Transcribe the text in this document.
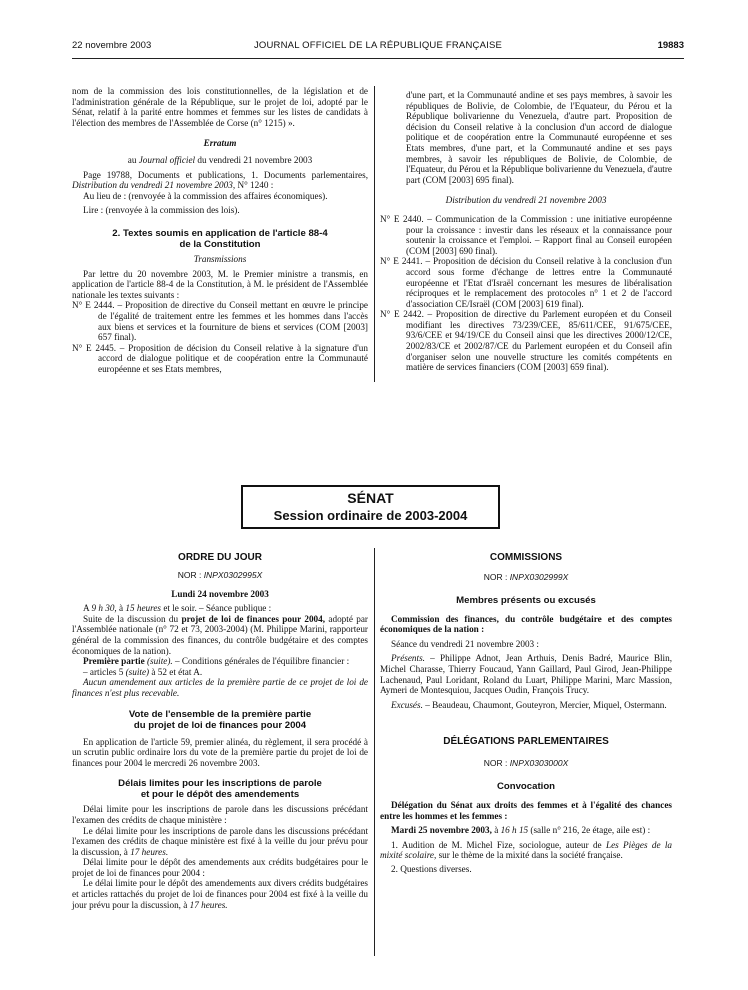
22 novembre 2003	JOURNAL OFFICIEL DE LA RÉPUBLIQUE FRANÇAISE	19883

nom de la commission des lois constitutionnelles, de la législation et de l'administration générale de la République, sur le projet de loi, adopté par le Sénat, relatif à la parité entre hommes et femmes sur les listes de candidats à l'élection des membres de l'Assemblée de Corse (n° 1215) ».

Erratum

au Journal officiel du vendredi 21 novembre 2003

Page 19788, Documents et publications, 1. Documents parlementaires, Distribution du vendredi 21 novembre 2003, N° 1240 :

Au lieu de : (renvoyée à la commission des affaires économiques).

Lire : (renvoyée à la commission des lois).

2. Textes soumis en application de l'article 88-4
de la Constitution

Transmissions

Par lettre du 20 novembre 2003, M. le Premier ministre a transmis, en application de l'article 88-4 de la Constitution, à M. le président de l'Assemblée nationale les textes suivants :

N° E 2444. – Proposition de directive du Conseil mettant en œuvre le principe de l'égalité de traitement entre les femmes et les hommes dans l'accès aux biens et services et la fourniture de biens et services (COM [2003] 657 final).

N° E 2445. – Proposition de décision du Conseil relative à la signature d'un accord de dialogue politique et de coopération entre la Communauté européenne et ses Etats membres,

d'une part, et la Communauté andine et ses pays membres, à savoir les républiques de Bolivie, de Colombie, de l'Equateur, du Pérou et la République bolivarienne du Venezuela, d'autre part. Proposition de décision du Conseil relative à la conclusion d'un accord de dialogue politique et de coopération entre la Communauté européenne et ses Etats membres, d'une part, et la Communauté andine et ses pays membres, à savoir les républiques de Bolivie, de Colombie, de l'Equateur, du Pérou et la République bolivarienne du Venezuela, d'autre part (COM [2003] 695 final).

Distribution du vendredi 21 novembre 2003

N° E 2440. – Communication de la Commission : une initiative européenne pour la croissance : investir dans les réseaux et la connaissance pour soutenir la croissance et l'emploi. – Rapport final au Conseil européen (COM [2003] 690 final).

N° E 2441. – Proposition de décision du Conseil relative à la conclusion d'un accord sous forme d'échange de lettres entre la Communauté européenne et l'Etat d'Israël concernant les mesures de libéralisation réciproques et le remplacement des protocoles n° 1 et 2 de l'accord d'association CE/Israël (COM [2003] 619 final).

N° E 2442. – Proposition de directive du Parlement européen et du Conseil modifiant les directives 73/239/CEE, 85/611/CEE, 91/675/CEE, 93/6/CEE et 94/19/CE du Conseil ainsi que les directives 2000/12/CE, 2002/83/CE et 2002/87/CE du Parlement européen et du Conseil afin d'organiser selon une nouvelle structure les comités compétents en matière de services financiers (COM [2003] 659 final).

SÉNAT
Session ordinaire de 2003-2004

ORDRE DU JOUR

NOR : INPX0302995X

Lundi 24 novembre 2003

A 9 h 30, à 15 heures et le soir. – Séance publique :

Suite de la discussion du projet de loi de finances pour 2004, adopté par l'Assemblée nationale (n° 72 et 73, 2003-2004) (M. Philippe Marini, rapporteur général de la commission des finances, du contrôle budgétaire et des comptes économiques de la nation).

Première partie (suite). – Conditions générales de l'équilibre financier :

– articles 5 (suite) à 52 et état A.

Aucun amendement aux articles de la première partie de ce projet de loi de finances n'est plus recevable.

Vote de l'ensemble de la première partie
du projet de loi de finances pour 2004

En application de l'article 59, premier alinéa, du règlement, il sera procédé à un scrutin public ordinaire lors du vote de la première partie du projet de loi de finances pour 2004 le mercredi 26 novembre 2003.

Délais limites pour les inscriptions de parole
et pour le dépôt des amendements

Délai limite pour les inscriptions de parole dans les discussions précédant l'examen des crédits de chaque ministère :

Le délai limite pour les inscriptions de parole dans les discussions précédant l'examen des crédits de chaque ministère est fixé à la veille du jour prévu pour la discussion, à 17 heures.

Délai limite pour le dépôt des amendements aux crédits budgétaires pour le projet de loi de finances pour 2004 :

Le délai limite pour le dépôt des amendements aux divers crédits budgétaires et articles rattachés du projet de loi de finances pour 2004 est fixé à la veille du jour prévu pour la discussion, à 17 heures.

COMMISSIONS

NOR : INPX0302999X

Membres présents ou excusés

Commission des finances, du contrôle budgétaire et des comptes économiques de la nation :

Séance du vendredi 21 novembre 2003 :

Présents. – Philippe Adnot, Jean Arthuis, Denis Badré, Maurice Blin, Michel Charasse, Thierry Foucaud, Yann Gaillard, Paul Girod, Jean-Philippe Lachenaud, Paul Loridant, Roland du Luart, Philippe Marini, Marc Massion, Aymeri de Montesquiou, Jacques Oudin, François Trucy.

Excusés. – Beaudeau, Chaumont, Gouteyron, Mercier, Miquel, Ostermann.

DÉLÉGATIONS PARLEMENTAIRES

NOR : INPX0303000X

Convocation

Délégation du Sénat aux droits des femmes et à l'égalité des chances entre les hommes et les femmes :

Mardi 25 novembre 2003, à 16 h 15 (salle n° 216, 2e étage, aile est) :

1. Audition de M. Michel Fize, sociologue, auteur de Les Pièges de la mixité scolaire, sur le thème de la mixité dans la société française.

2. Questions diverses.
